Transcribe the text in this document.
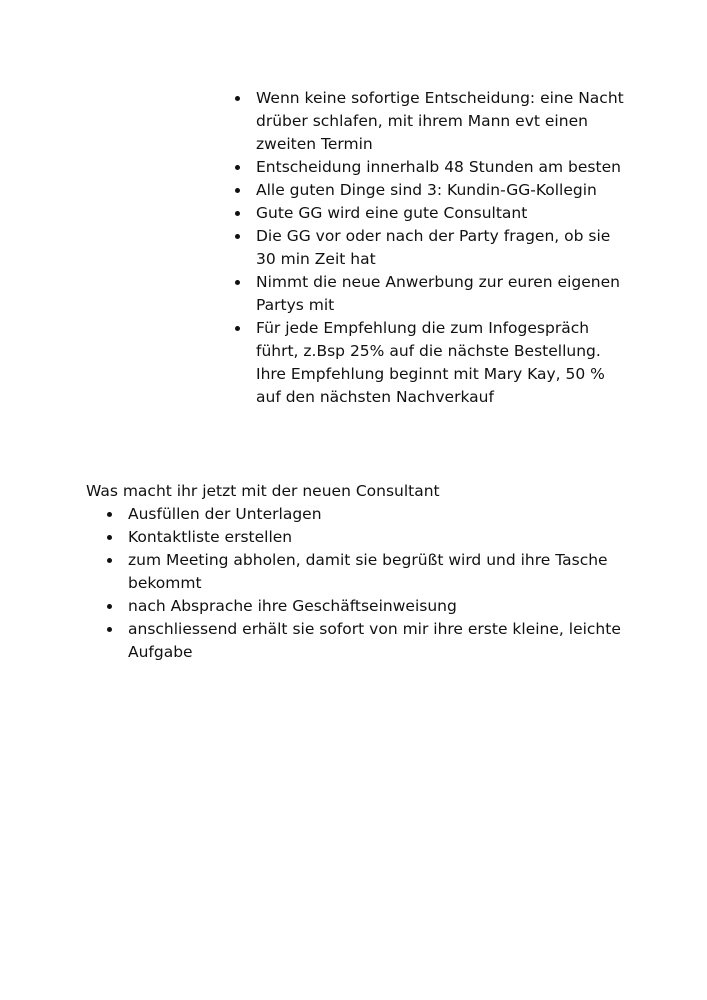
Wenn keine sofortige Entscheidung: eine Nacht drüber schlafen, mit ihrem Mann evt einen zweiten Termin
Entscheidung innerhalb 48 Stunden am besten
Alle guten Dinge sind 3: Kundin-GG-Kollegin
Gute GG wird eine gute Consultant
Die GG vor oder nach der Party fragen, ob sie 30 min Zeit hat
Nimmt die neue Anwerbung zur euren eigenen Partys mit
Für jede Empfehlung die zum Infogespräch führt, z.Bsp 25% auf die nächste Bestellung. Ihre Empfehlung beginnt mit Mary Kay, 50 % auf den nächsten Nachverkauf

Was macht ihr jetzt mit der neuen Consultant

Ausfüllen der Unterlagen
Kontaktliste erstellen
zum Meeting abholen, damit sie begrüßt wird und ihre Tasche bekommt
nach Absprache ihre Geschäftseinweisung
anschliessend erhält sie sofort von mir ihre erste kleine, leichte Aufgabe
